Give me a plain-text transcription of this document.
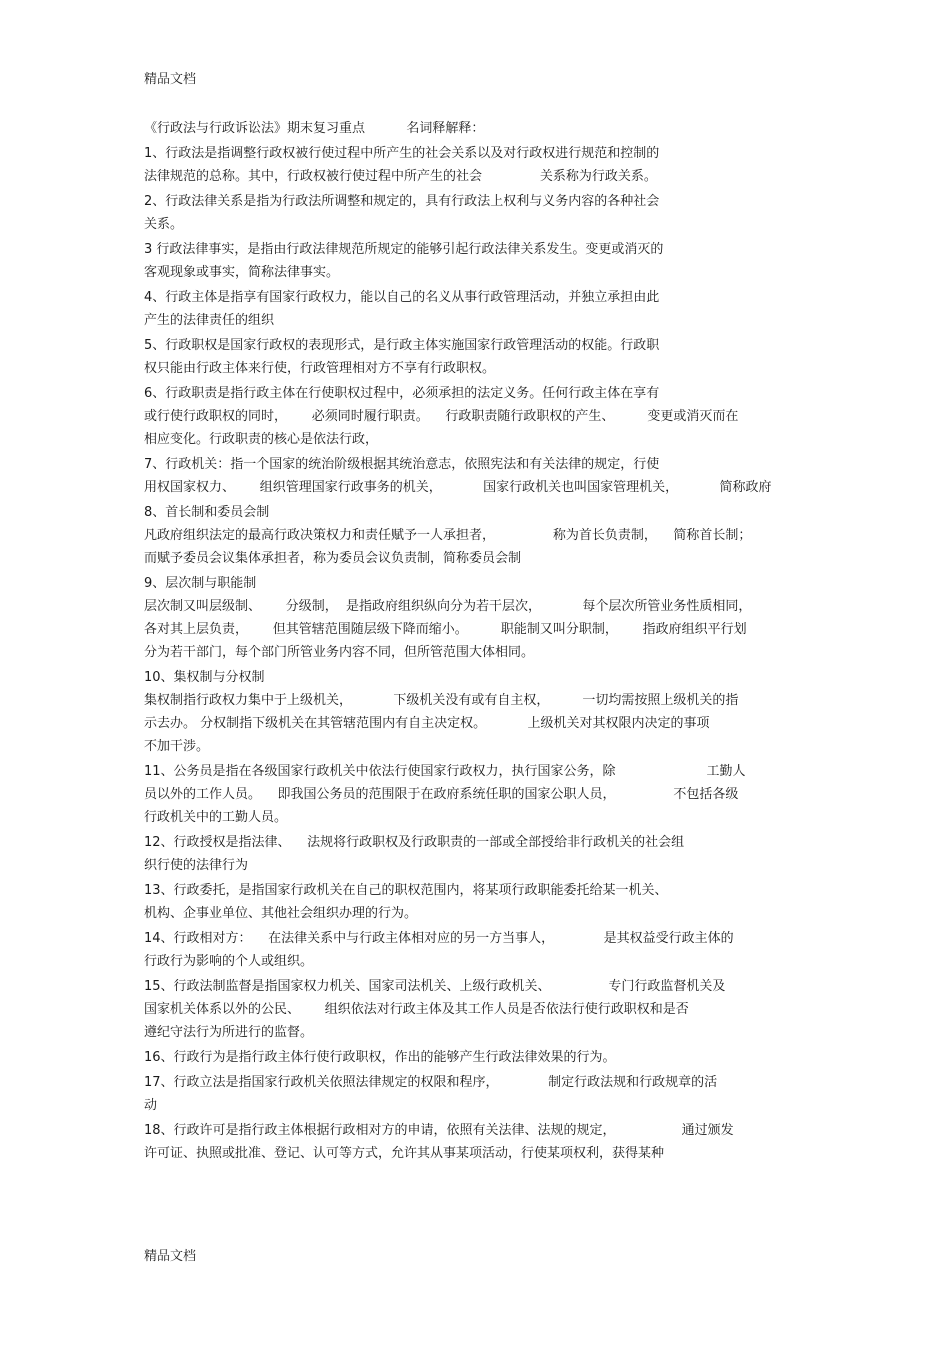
精品文档
《行政法与行政诉讼法》期末复习重点          名词释解释：
1、行政法是指调整行政权被行使过程中所产生的社会关系以及对行政权进行规范和控制的
法律规范的总称。其中，行政权被行使过程中所产生的社会              关系称为行政关系。
2、行政法律关系是指为行政法所调整和规定的，具有行政法上权利与义务内容的各种社会
关系。
3 行政法律事实，是指由行政法律规范所规定的能够引起行政法律关系发生。变更或消灭的
客观现象或事实，简称法律事实。
4、行政主体是指享有国家行政权力，能以自己的名义从事行政管理活动，并独立承担由此
产生的法律责任的组织
5、行政职权是国家行政权的表现形式，是行政主体实施国家行政管理活动的权能。行政职
权只能由行政主体来行使，行政管理相对方不享有行政职权。
6、行政职责是指行政主体在行使职权过程中，必须承担的法定义务。任何行政主体在享有
或行使行政职权的同时，      必须同时履行职责。    行政职责随行政职权的产生、        变更或消灭而在
相应变化。行政职责的核心是依法行政，
7、行政机关：指一个国家的统治阶级根据其统治意志，依照宪法和有关法律的规定，行使
用权国家权力、      组织管理国家行政事务的机关，          国家行政机关也叫国家管理机关，          简称政府
8、首长制和委员会制
凡政府组织法定的最高行政决策权力和责任赋予一人承担者，              称为首长负责制，    简称首长制；
而赋予委员会议集体承担者，称为委员会议负责制，简称委员会制
9、层次制与职能制
层次制又叫层级制、      分级制，  是指政府组织纵向分为若干层次，          每个层次所管业务性质相同，
各对其上层负责，      但其管辖范围随层级下降而缩小。        职能制又叫分职制，      指政府组织平行划
分为若干部门，每个部门所管业务内容不同，但所管范围大体相同。
10、集权制与分权制
集权制指行政权力集中于上级机关，          下级机关没有或有自主权，        一切均需按照上级机关的指
示去办。 分权制指下级机关在其管辖范围内有自主决定权。          上级机关对其权限内决定的事项
不加干涉。
11、公务员是指在各级国家行政机关中依法行使国家行政权力，执行国家公务，除                      工勤人
员以外的工作人员。    即我国公务员的范围限于在政府系统任职的国家公职人员，              不包括各级
行政机关中的工勤人员。
12、行政授权是指法律、    法规将行政职权及行政职责的一部或全部授给非行政机关的社会组
织行使的法律行为
13、行政委托，是指国家行政机关在自己的职权范围内，将某项行政职能委托给某一机关、
机构、企事业单位、其他社会组织办理的行为。
14、行政相对方：    在法律关系中与行政主体相对应的另一方当事人，            是其权益受行政主体的
行政行为影响的个人或组织。
15、行政法制监督是指国家权力机关、国家司法机关、上级行政机关、              专门行政监督机关及
国家机关体系以外的公民、      组织依法对行政主体及其工作人员是否依法行使行政职权和是否
遵纪守法行为所进行的监督。
16、行政行为是指行政主体行使行政职权，作出的能够产生行政法律效果的行为。
17、行政立法是指国家行政机关依照法律规定的权限和程序，            制定行政法规和行政规章的活
动
18、行政许可是指行政主体根据行政相对方的申请，依照有关法律、法规的规定，                通过颁发
许可证、执照或批准、登记、认可等方式，允许其从事某项活动，行使某项权利，获得某种
精品文档
